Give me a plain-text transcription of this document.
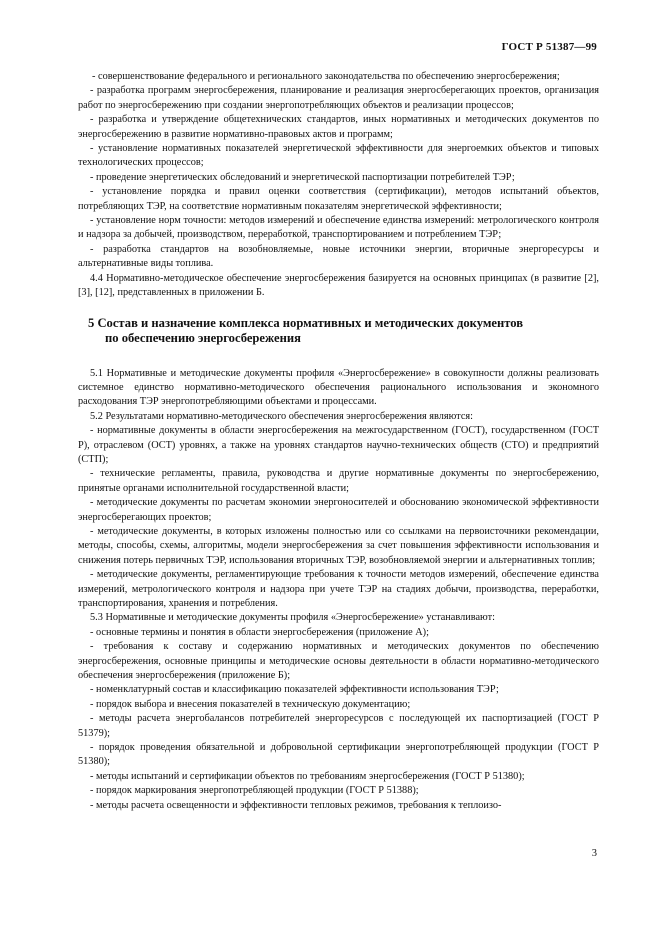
ГОСТ Р 51387—99

- совершенствование федерального и регионального законодательства по обеспечению энергосбережения;

- разработка программ энергосбережения, планирование и реализация энергосберегающих проектов, организация работ по энергосбережению при создании энергопотребляющих объектов и реализации процессов;

- разработка и утверждение общетехнических стандартов, иных нормативных и методических документов по энергосбережению в развитие нормативно-правовых актов и программ;

- установление нормативных показателей энергетической эффективности для энергоемких объектов и типовых технологических процессов;

- проведение энергетических обследований и энергетической паспортизации потребителей ТЭР;

- установление порядка и правил оценки соответствия (сертификации), методов испытаний объектов, потребляющих ТЭР, на соответствие нормативным показателям энергетической эффективности;

- установление норм точности: методов измерений и обеспечение единства измерений: метрологического контроля и надзора за добычей, производством, переработкой, транспортированием и потреблением ТЭР;

- разработка стандартов на возобновляемые, новые источники энергии, вторичные энергоресурсы и альтернативные виды топлива.

4.4 Нормативно-методическое обеспечение энергосбережения базируется на основных принципах (в развитие [2], [3], [12], представленных в приложении Б.

5 Состав и назначение комплекса нормативных и методических документов
по обеспечению энергосбережения

5.1 Нормативные и методические документы профиля «Энергосбережение» в совокупности должны реализовать системное единство нормативно-методического обеспечения рационального использования и экономного расходования ТЭР энергопотребляющими объектами и процессами.

5.2 Результатами нормативно-методического обеспечения энергосбережения являются:

- нормативные документы в области энергосбережения на межгосударственном (ГОСТ), государственном (ГОСТ Р), отраслевом (ОСТ) уровнях, а также на уровнях стандартов научно-технических обществ (СТО) и предприятий (СТП);

- технические регламенты, правила, руководства и другие нормативные документы по энергосбережению, принятые органами исполнительной государственной власти;

- методические документы по расчетам экономии энергоносителей и обоснованию экономической эффективности энергосберегающих проектов;

- методические документы, в которых изложены полностью или со ссылками на первоисточники рекомендации, методы, способы, схемы, алгоритмы, модели энергосбережения за счет повышения эффективности использования и снижения потерь первичных ТЭР, использования вторичных ТЭР, возобновляемой энергии и альтернативных топлив;

- методические документы, регламентирующие требования к точности методов измерений, обеспечение единства измерений, метрологического контроля и надзора при учете ТЭР на стадиях добычи, производства, переработки, транспортирования, хранения и потребления.

5.3 Нормативные и методические документы профиля «Энергосбережение» устанавливают:

- основные термины и понятия в области энергосбережения (приложение А);

- требования к составу и содержанию нормативных и методических документов по обеспечению энергосбережения, основные принципы и методические основы деятельности в области нормативно-методического обеспечения энергосбережения (приложение Б);

- номенклатурный состав и классификацию показателей эффективности использования ТЭР;

- порядок выбора и внесения показателей в техническую документацию;

- методы расчета энергобалансов потребителей энергоресурсов с последующей их паспортизацией (ГОСТ Р 51379);

- порядок проведения обязательной и добровольной сертификации энергопотребляющей продукции (ГОСТ Р 51380);

- методы испытаний и сертификации объектов по требованиям энергосбережения (ГОСТ Р 51380);

- порядок маркирования энергопотребляющей продукции (ГОСТ Р 51388);

- методы расчета освещенности и эффективности тепловых режимов, требования к теплоизо-

3
